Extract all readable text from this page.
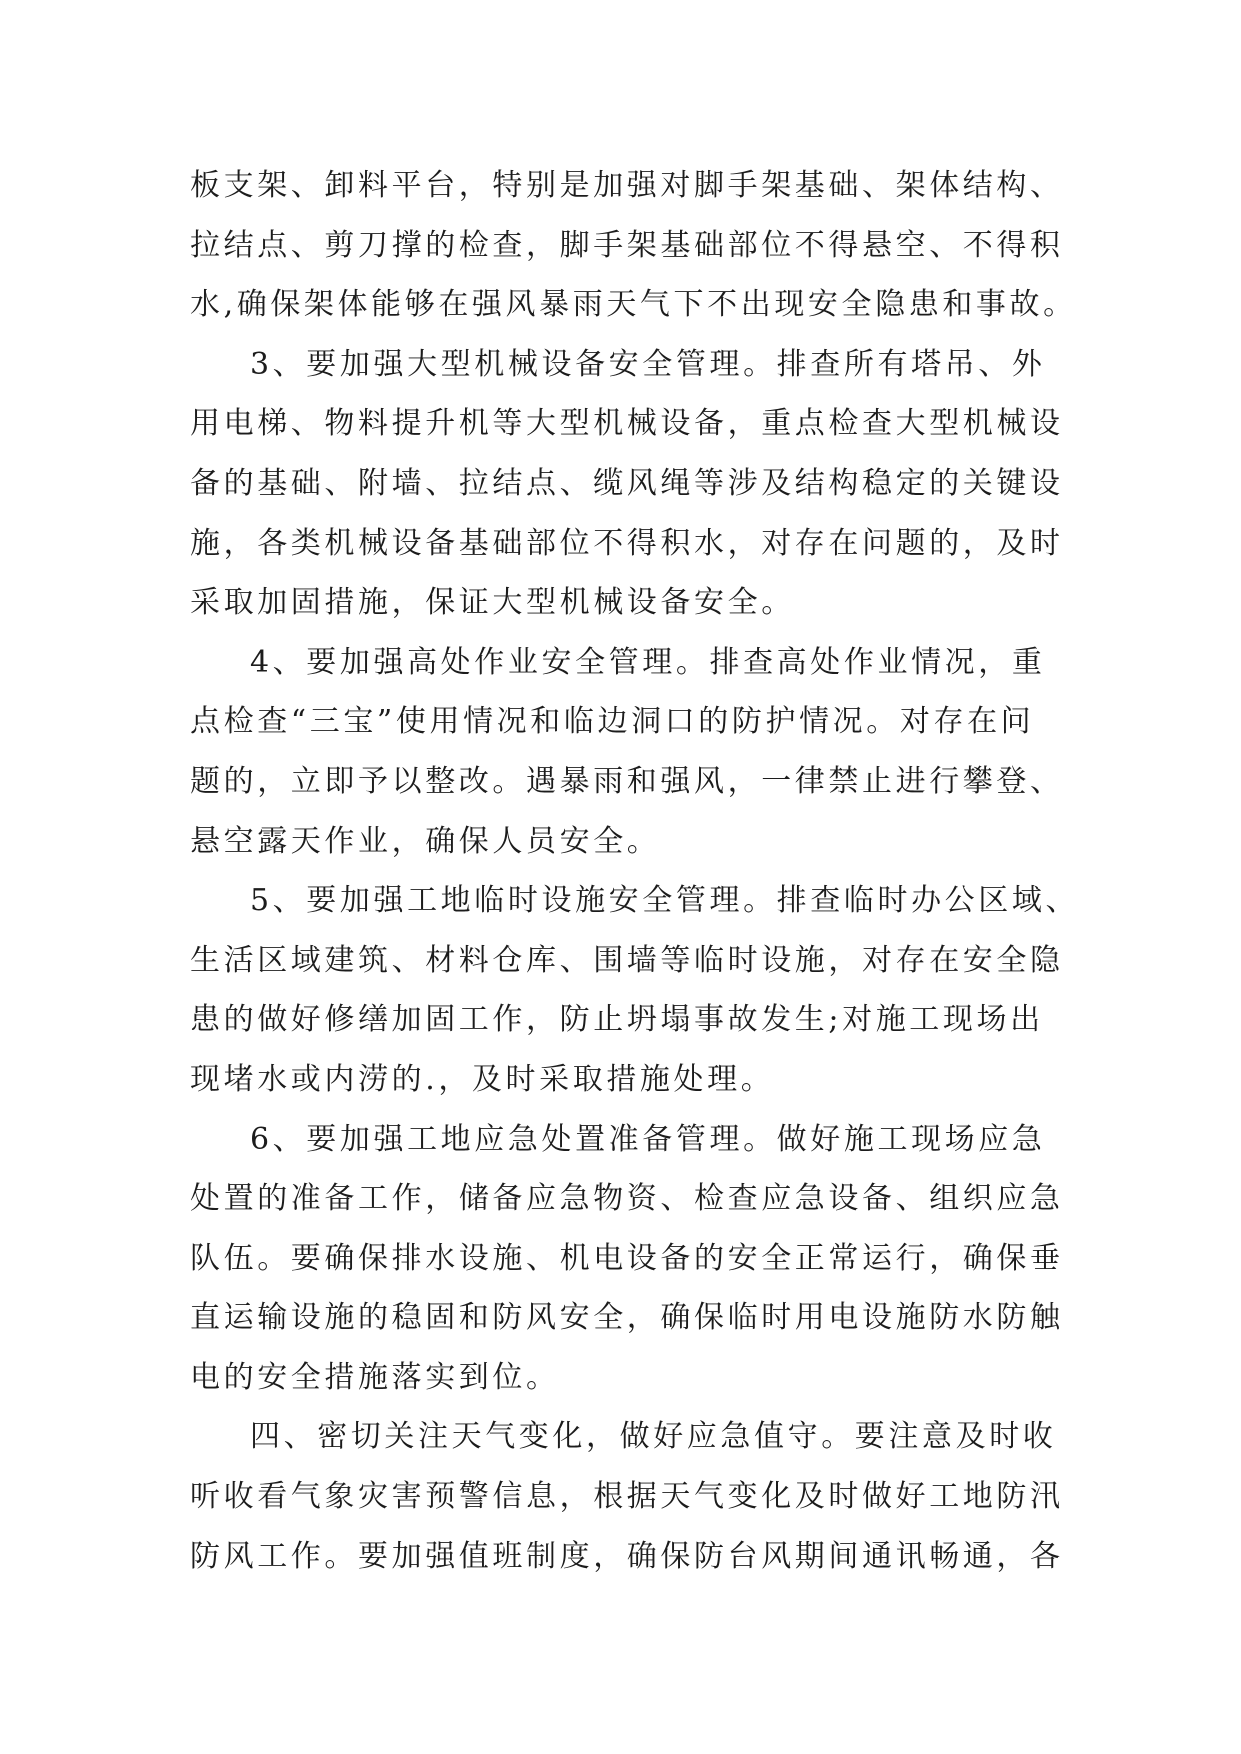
板支架、卸料平台，特别是加强对脚手架基础、架体结构、
拉结点、剪刀撑的检查，脚手架基础部位不得悬空、不得积
水,确保架体能够在强风暴雨天气下不出现安全隐患和事故。
3、要加强大型机械设备安全管理。排查所有塔吊、外
用电梯、物料提升机等大型机械设备，重点检查大型机械设
备的基础、附墙、拉结点、缆风绳等涉及结构稳定的关键设
施，各类机械设备基础部位不得积水，对存在问题的，及时
采取加固措施，保证大型机械设备安全。
4、要加强高处作业安全管理。排查高处作业情况，重
点检查“三宝”使用情况和临边洞口的防护情况。对存在问
题的，立即予以整改。遇暴雨和强风，一律禁止进行攀登、
悬空露天作业，确保人员安全。
5、要加强工地临时设施安全管理。排查临时办公区域、
生活区域建筑、材料仓库、围墙等临时设施，对存在安全隐
患的做好修缮加固工作，防止坍塌事故发生;对施工现场出
现堵水或内涝的.，及时采取措施处理。
6、要加强工地应急处置准备管理。做好施工现场应急
处置的准备工作，储备应急物资、检查应急设备、组织应急
队伍。要确保排水设施、机电设备的安全正常运行，确保垂
直运输设施的稳固和防风安全，确保临时用电设施防水防触
电的安全措施落实到位。
四、密切关注天气变化，做好应急值守。要注意及时收
听收看气象灾害预警信息，根据天气变化及时做好工地防汛
防风工作。要加强值班制度，确保防台风期间通讯畅通，各
